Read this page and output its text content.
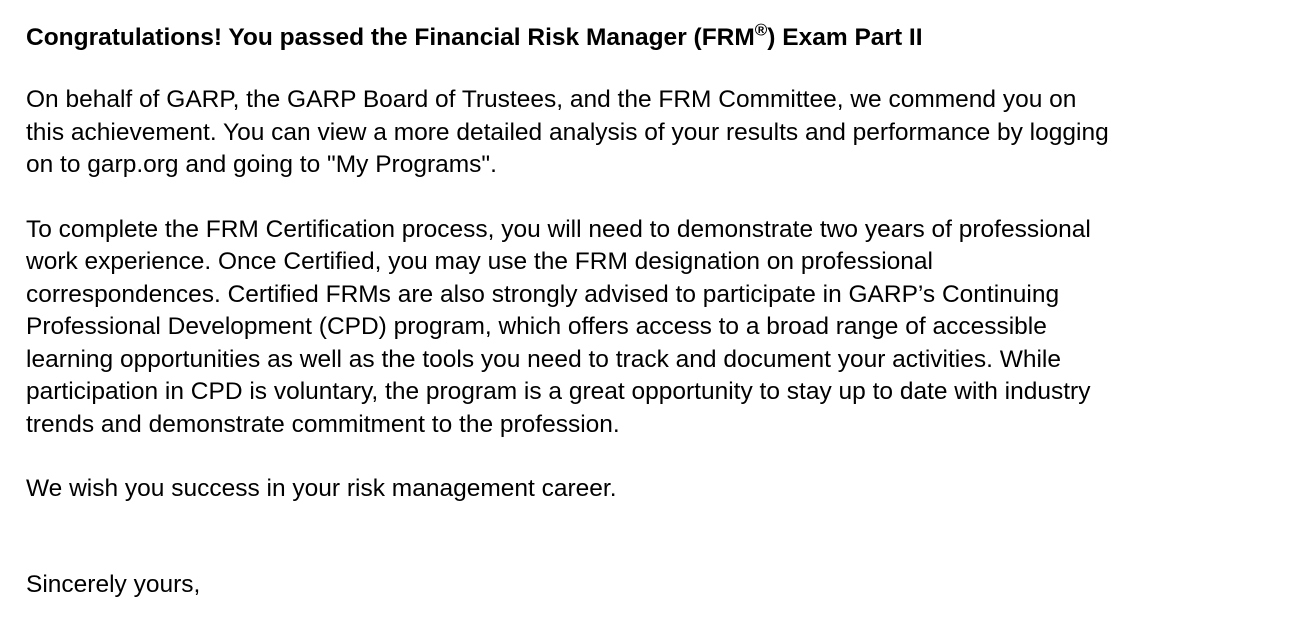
Congratulations! You passed the Financial Risk Manager (FRM®) Exam Part II

On behalf of GARP, the GARP Board of Trustees, and the FRM Committee, we commend you on
this achievement. You can view a more detailed analysis of your results and performance by logging
on to garp.org and going to "My Programs".

To complete the FRM Certification process, you will need to demonstrate two years of professional
work experience. Once Certified, you may use the FRM designation on professional
correspondences. Certified FRMs are also strongly advised to participate in GARP’s Continuing
Professional Development (CPD) program, which offers access to a broad range of accessible
learning opportunities as well as the tools you need to track and document your activities. While
participation in CPD is voluntary, the program is a great opportunity to stay up to date with industry
trends and demonstrate commitment to the profession.

We wish you success in your risk management career.

Sincerely yours,
